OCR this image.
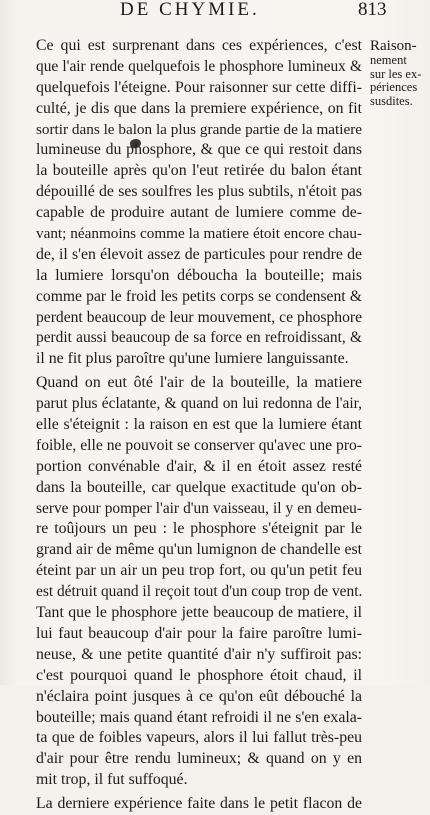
DE CHYMIE.	813
Raison-
nement
sur les ex-
périences
susdites.
Ce qui est surprenant dans ces expériences, c'est
que l'air rende quelquefois le phosphore lumineux &
quelquefois l'éteigne. Pour raisonner sur cette diffi-
culté, je dis que dans la premiere expérience, on fit
sortir dans le balon la plus grande partie de la matiere
lumineuse du phosphore, & que ce qui restoit dans
la bouteille après qu'on l'eut retirée du balon étant
dépouillé de ses soulfres les plus subtils, n'étoit pas
capable de produire autant de lumiere comme de-
vant; néanmoins comme la matiere étoit encore chau-
de, il s'en élevoit assez de particules pour rendre de
la lumiere lorsqu'on déboucha la bouteille; mais
comme par le froid les petits corps se condensent &
perdent beaucoup de leur mouvement, ce phosphore
perdit aussi beaucoup de sa force en refroidissant, &
il ne fit plus paroître qu'une lumiere languissante.
Quand on eut ôté l'air de la bouteille, la matiere
parut plus éclatante, & quand on lui redonna de l'air,
elle s'éteignit : la raison en est que la lumiere étant
foible, elle ne pouvoit se conserver qu'avec une pro-
portion convénable d'air, & il en étoit assez resté
dans la bouteille, car quelque exactitude qu'on ob-
serve pour pomper l'air d'un vaisseau, il y en demeu-
re toûjours un peu : le phosphore s'éteignit par le
grand air de même qu'un lumignon de chandelle est
éteint par un air un peu trop fort, ou qu'un petit feu
est détruit quand il reçoit tout d'un coup trop de vent.
Tant que le phosphore jette beaucoup de matiere, il
lui faut beaucoup d'air pour la faire paroître lumi-
neuse, & une petite quantité d'air n'y suffiroit pas:
c'est pourquoi quand le phosphore étoit chaud, il
n'éclaira point jusques à ce qu'on eût débouché la
bouteille; mais quand étant refroidi il ne s'en exala-
ta que de foibles vapeurs, alors il lui fallut très-peu
d'air pour être rendu lumineux; & quand on y en
mit trop, il fut suffoqué.
La derniere expérience faite dans le petit flacon de
